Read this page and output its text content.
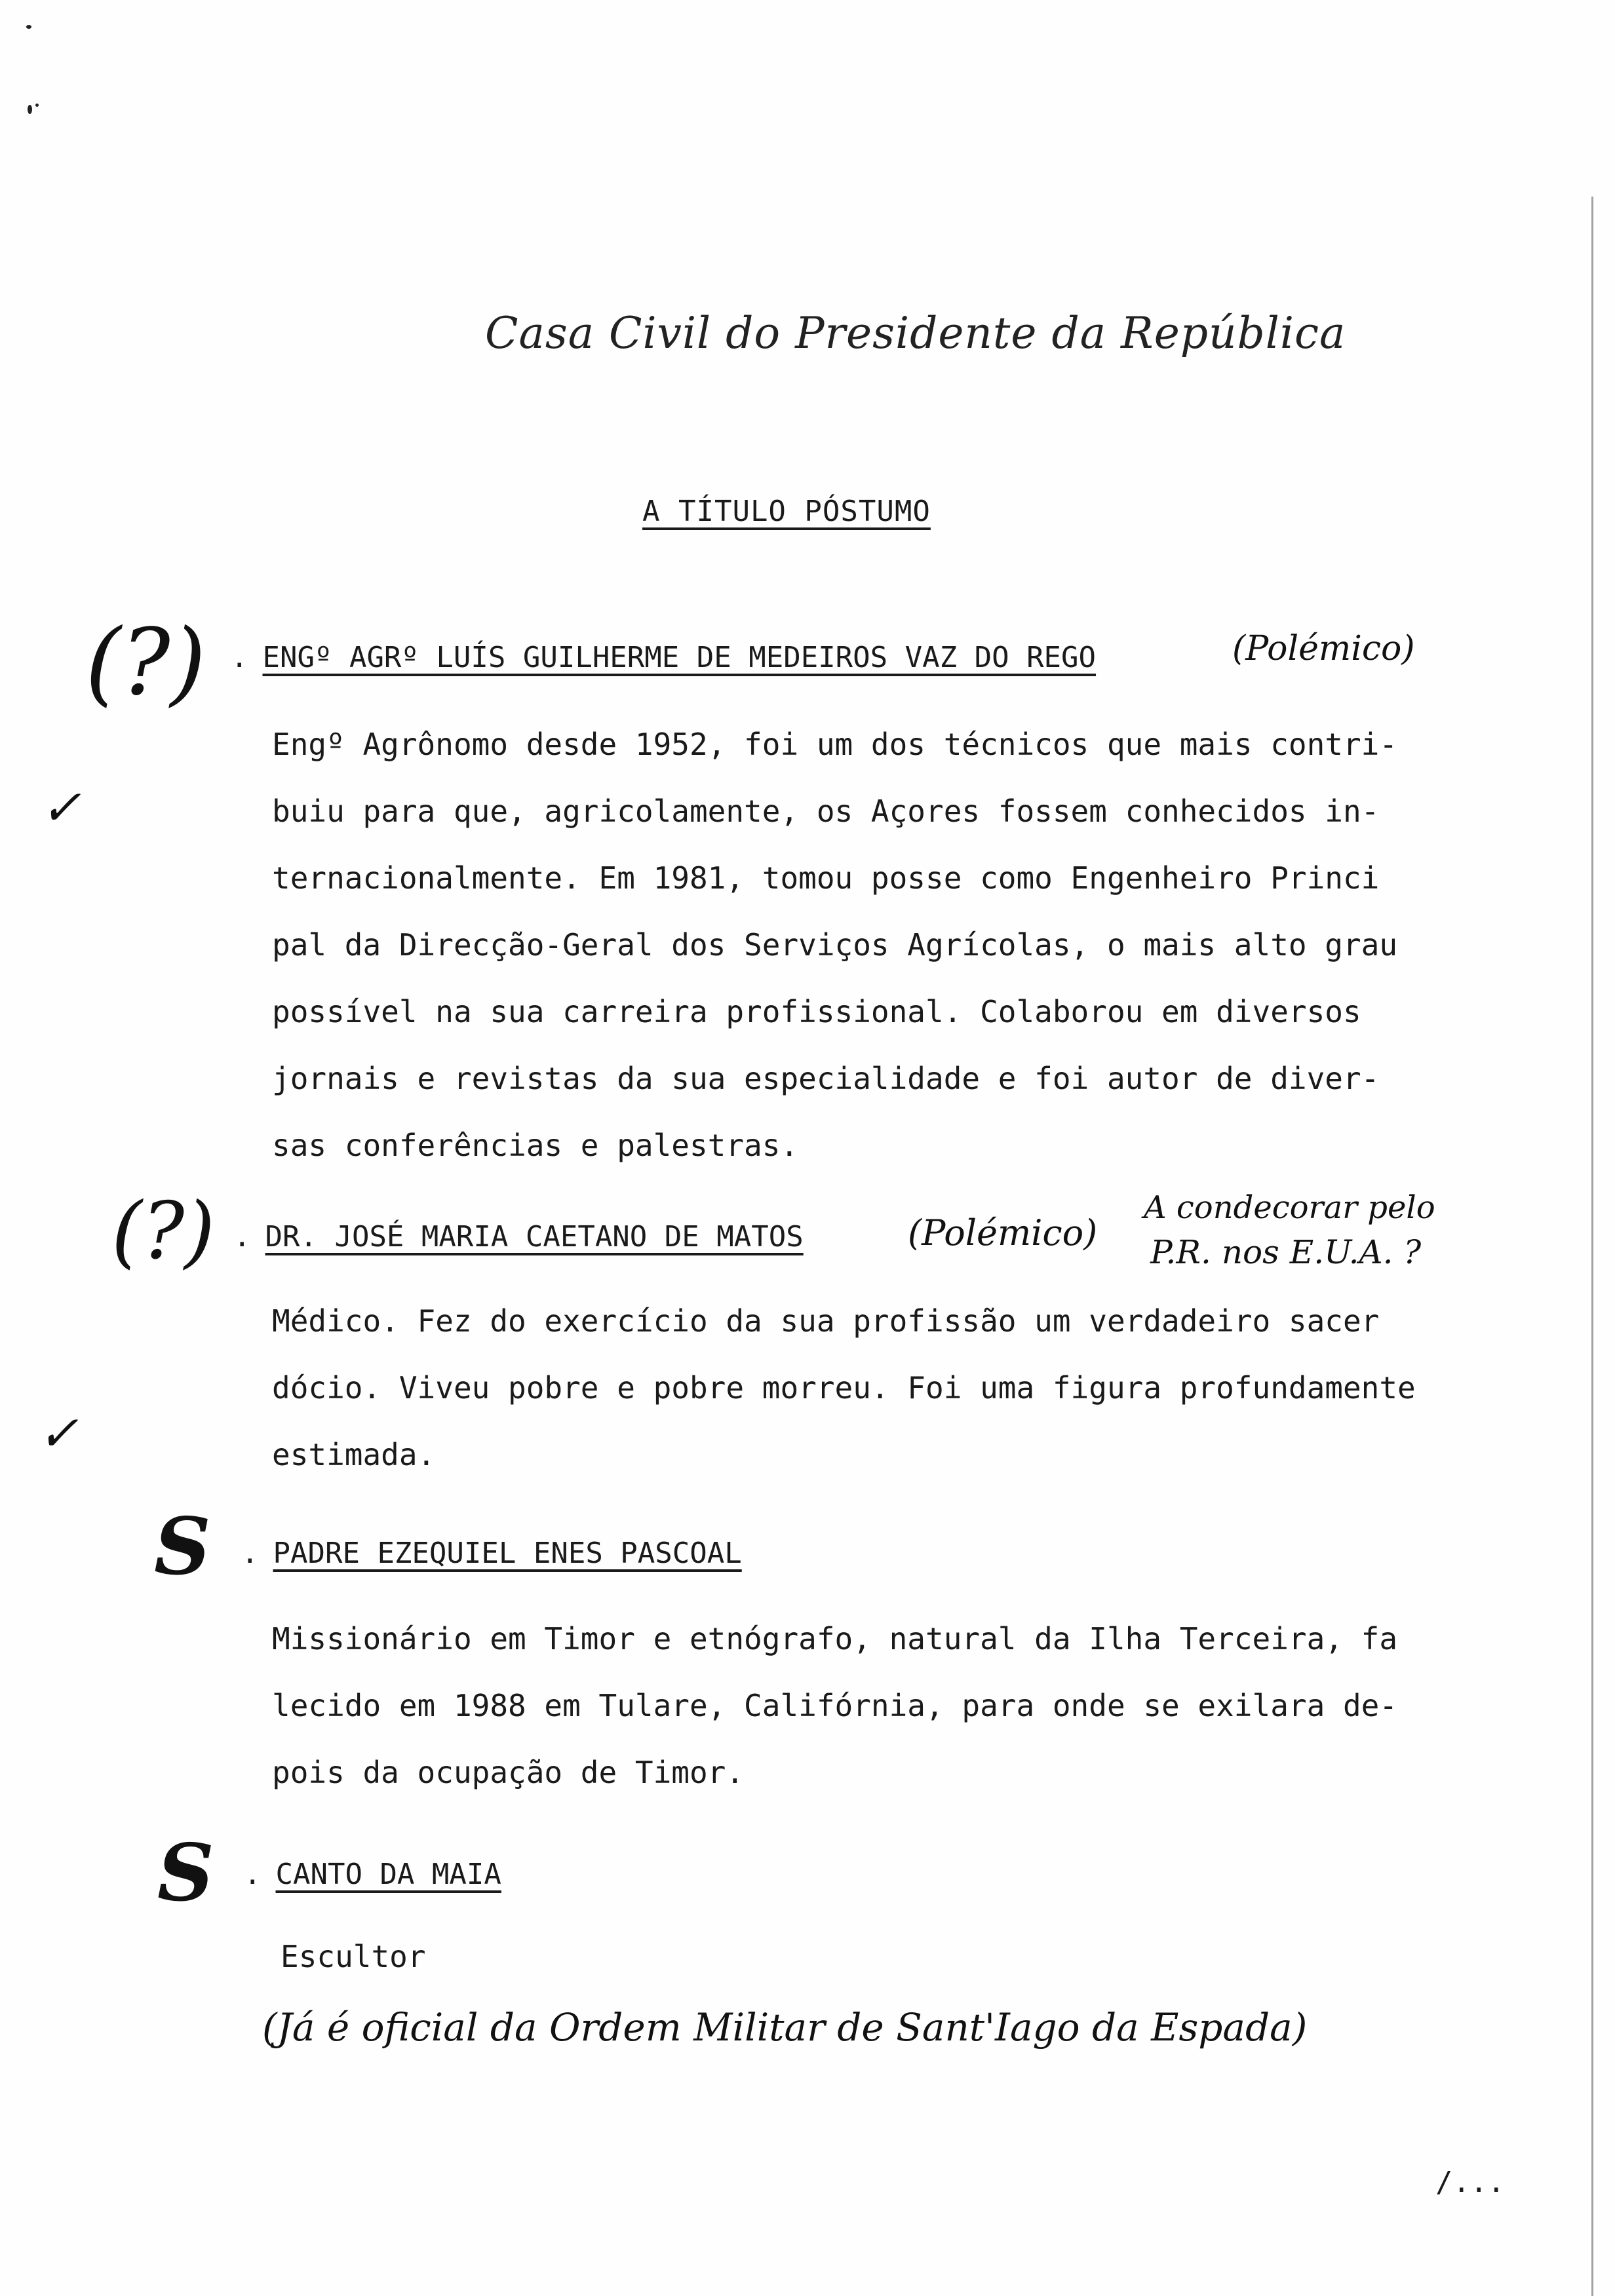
Casa Civil do Presidente da República
A TÍTULO PÓSTUMO
(?) . ENGº AGRº LUÍS GUILHERME DE MEDEIROS VAZ DO REGO	(Polémico)
✓
Engº Agrônomo desde 1952, foi um dos técnicos que mais contri-
buiu para que, agricolamente, os Açores fossem conhecidos in-
ternacionalmente. Em 1981, tomou posse como Engenheiro Princi
pal da Direcção-Geral dos Serviços Agrícolas, o mais alto grau
possível na sua carreira profissional. Colaborou em diversos
jornais e revistas da sua especialidade e foi autor de diver-
sas conferências e palestras.
(?) . DR. JOSÉ MARIA CAETANO DE MATOS	(Polémico)
A condecorar pelo
P.R. nos E.U.A. ?
✓
Médico. Fez do exercício da sua profissão um verdadeiro sacer
dócio. Viveu pobre e pobre morreu. Foi uma figura profundamente
estimada.
S . PADRE EZEQUIEL ENES PASCOAL
Missionário em Timor e etnógrafo, natural da Ilha Terceira, fa
lecido em 1988 em Tulare, Califórnia, para onde se exilara de-
pois da ocupação de Timor.
S . CANTO DA MAIA
Escultor
(Já é oficial da Ordem Militar de Sant'Iago da Espada)
/...
